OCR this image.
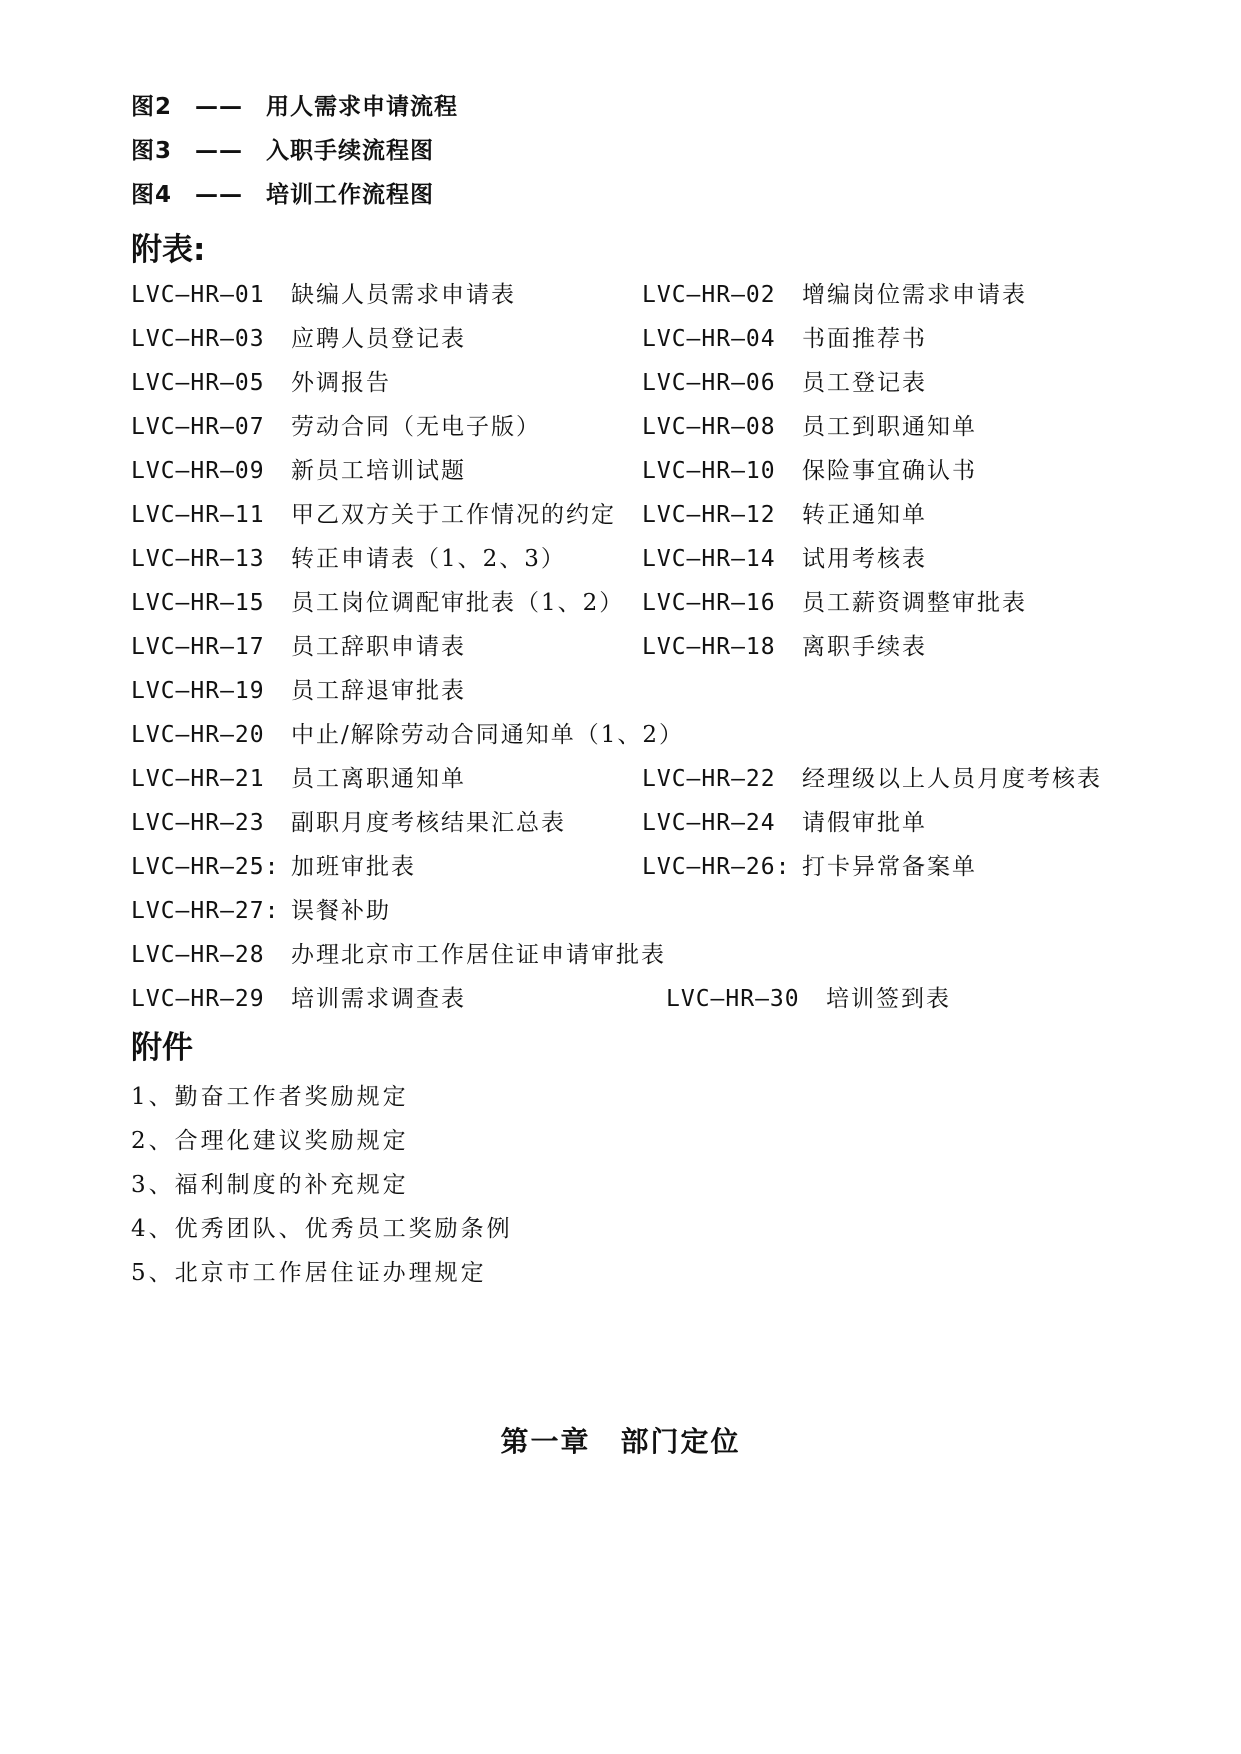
图2 —— 用人需求申请流程
图3 —— 入职手续流程图
图4 —— 培训工作流程图
附表:
LVC—HR—01 缺编人员需求申请表	LVC—HR—02 增编岗位需求申请表
LVC—HR—03 应聘人员登记表	LVC—HR—04 书面推荐书
LVC—HR—05 外调报告	LVC—HR—06 员工登记表
LVC—HR—07 劳动合同（无电子版）	LVC—HR—08 员工到职通知单
LVC—HR—09 新员工培训试题	LVC—HR—10 保险事宜确认书
LVC—HR—11 甲乙双方关于工作情况的约定 LVC—HR—12 转正通知单
LVC—HR—13 转正申请表（1、2、3）	LVC—HR—14 试用考核表
LVC—HR—15 员工岗位调配审批表（1、2） LVC—HR—16 员工薪资调整审批表
LVC—HR—17 员工辞职申请表	LVC—HR—18 离职手续表
LVC—HR—19 员工辞退审批表
LVC—HR—20 中止/解除劳动合同通知单（1、2）
LVC—HR—21 员工离职通知单	LVC—HR—22 经理级以上人员月度考核表
LVC—HR—23 副职月度考核结果汇总表	LVC—HR—24 请假审批单
LVC—HR—25: 加班审批表	LVC—HR—26: 打卡异常备案单
LVC—HR—27: 误餐补助
LVC—HR—28 办理北京市工作居住证申请审批表
LVC—HR—29 培训需求调查表	LVC—HR—30 培训签到表
附件
1、勤奋工作者奖励规定
2、合理化建议奖励规定
3、福利制度的补充规定
4、优秀团队、优秀员工奖励条例
5、北京市工作居住证办理规定
第一章　部门定位
